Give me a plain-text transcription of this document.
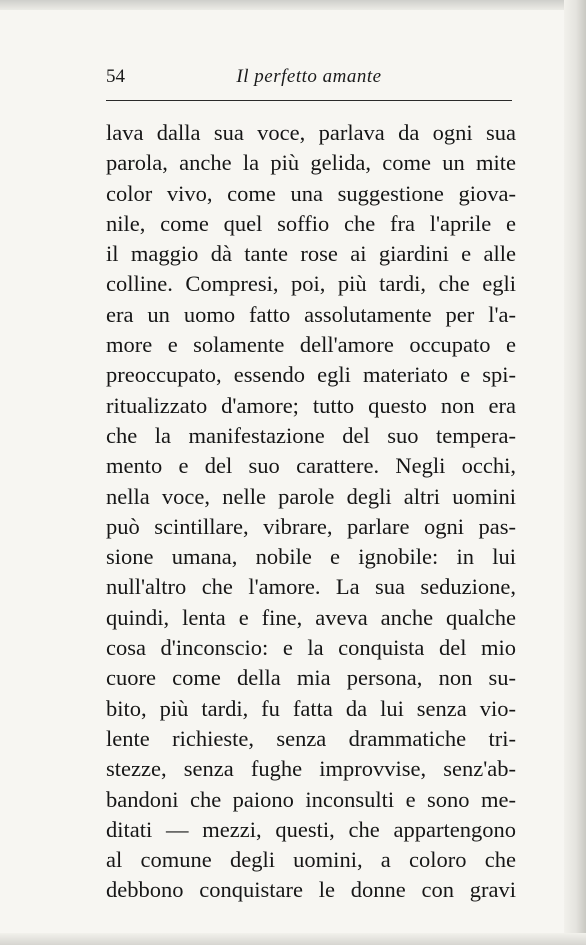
54	Il perfetto amante
lava dalla sua voce, parlava da ogni sua
parola, anche la più gelida, come un mite
color vivo, come una suggestione giova-
nile, come quel soffio che fra l'aprile e
il maggio dà tante rose ai giardini e alle
colline. Compresi, poi, più tardi, che egli
era un uomo fatto assolutamente per l'a-
more e solamente dell'amore occupato e
preoccupato, essendo egli materiato e spi-
ritualizzato d'amore; tutto questo non era
che la manifestazione del suo tempera-
mento e del suo carattere. Negli occhi,
nella voce, nelle parole degli altri uomini
può scintillare, vibrare, parlare ogni pas-
sione umana, nobile e ignobile: in lui
null'altro che l'amore. La sua seduzione,
quindi, lenta e fine, aveva anche qualche
cosa d'inconscio: e la conquista del mio
cuore come della mia persona, non su-
bito, più tardi, fu fatta da lui senza vio-
lente richieste, senza drammatiche tri-
stezze, senza fughe improvvise, senz'ab-
bandoni che paiono inconsulti e sono me-
ditati — mezzi, questi, che appartengono
al comune degli uomini, a coloro che
debbono conquistare le donne con gravi
